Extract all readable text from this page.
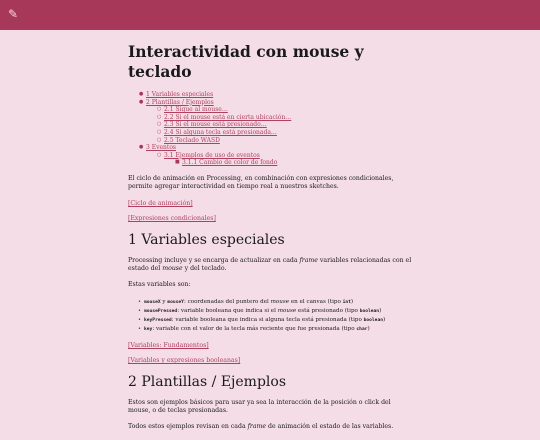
✎
Interactividad con mouse y teclado
● 1 Variables especiales
● 2 Plantillas / Ejemplos
○ 2.1 Sigue al mouse…
○ 2.2 Si el mouse está en cierta ubicación…
○ 2.3 Si el mouse está presionado…
○ 2.4 Si alguna tecla está presionada…
○ 2.5 Teclado WASD
● 3 Eventos
○ 3.1 Ejemplos de uso de eventos
■ 3.1.1 Cambio de color de fondo

El ciclo de animación en Processing, en combinación con expresiones condicionales, permite agregar interactividad en tiempo real a nuestros sketches.

[Ciclo de animación]

[Expresiones condicionales]

1 Variables especiales

Processing incluye y se encarga de actualizar en cada frame variables relacionadas con el estado del mouse y del teclado.

Estas variables son:

• mouseX y mouseY: coordenadas del puntero del mouse en el canvas (tipo int)
• mousePressed: variable booleana que indica si el mouse está presionado (tipo boolean)
• keyPressed: variable booleana que indica si alguna tecla está presionada (tipo boolean)
• key: variable con el valor de la tecla más reciente que fue presionada (tipo char)

[Variables: Fundamentos]

[Variables y expresiones booleanas]

2 Plantillas / Ejemplos

Estos son ejemplos básicos para usar ya sea la interacción de la posición o click del mouse, o de teclas presionadas.

Todos estos ejemplos revisan en cada frame de animación el estado de las variables.
